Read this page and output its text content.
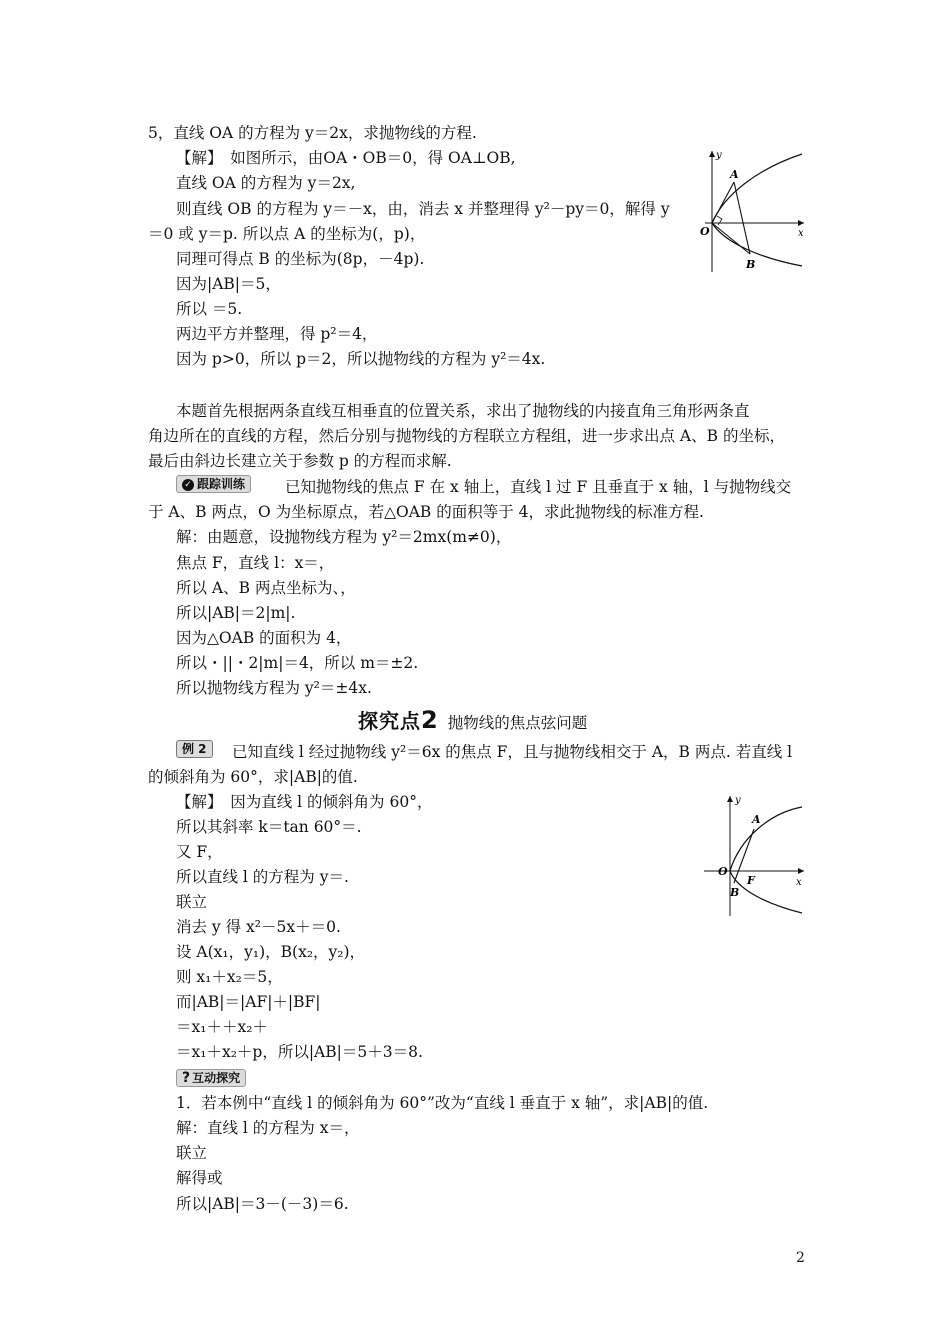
5，直线 OA 的方程为 y＝2x，求抛物线的方程.
【解】　如图所示，由OA・OB＝0，得 OA⊥OB,
直线 OA 的方程为 y＝2x,
则直线 OB 的方程为 y＝－x，由，消去 x 并整理得 y²－py＝0，解得 y
＝0 或 y＝p. 所以点 A 的坐标为(，p)，
同理可得点 B 的坐标为(8p，－4p).
因为|AB|＝5，
所以 ＝5.
两边平方并整理，得 p²＝4，
因为 p>0，所以 p＝2，所以抛物线的方程为 y²＝4x.
y
x
O
A
B
本题首先根据两条直线互相垂直的位置关系，求出了抛物线的内接直角三角形两条直
角边所在的直线的方程，然后分别与抛物线的方程联立方程组，进一步求出点 A、B 的坐标，
最后由斜边长建立关于参数 p 的方程而求解.
✓ 跟踪训练	已知抛物线的焦点 F 在 x 轴上，直线 l 过 F 且垂直于 x 轴，l 与抛物线交
于 A、B 两点，O 为坐标原点，若△OAB 的面积等于 4，求此抛物线的标准方程.
解：由题意，设抛物线方程为 y²＝2mx(m≠0)，
焦点 F，直线 l：x＝，
所以 A、B 两点坐标为、，
所以|AB|＝2|m|.
因为△OAB 的面积为 4，
所以・||・2|m|＝4，所以 m＝±2.
所以抛物线方程为 y²＝±4x.
探究点2 抛物线的焦点弦问题
例 2	已知直线 l 经过抛物线 y²＝6x 的焦点 F，且与抛物线相交于 A，B 两点. 若直线 l
的倾斜角为 60°，求|AB|的值.
【解】　因为直线 l 的倾斜角为 60°，
所以其斜率 k＝tan 60°＝.
又 F，
所以直线 l 的方程为 y＝.
联立
消去 y 得 x²－5x＋＝0.
设 A(x₁，y₁)，B(x₂，y₂)，
则 x₁＋x₂＝5，
而|AB|＝|AF|＋|BF|
＝x₁＋＋x₂＋
＝x₁＋x₂＋p，所以|AB|＝5＋3＝8.
y
x
O
A
B
F
? 互动探究
1．若本例中“直线 l 的倾斜角为 60°”改为“直线 l 垂直于 x 轴”，求|AB|的值.
解：直线 l 的方程为 x＝，
联立
解得或
所以|AB|＝3－(－3)＝6.
2
